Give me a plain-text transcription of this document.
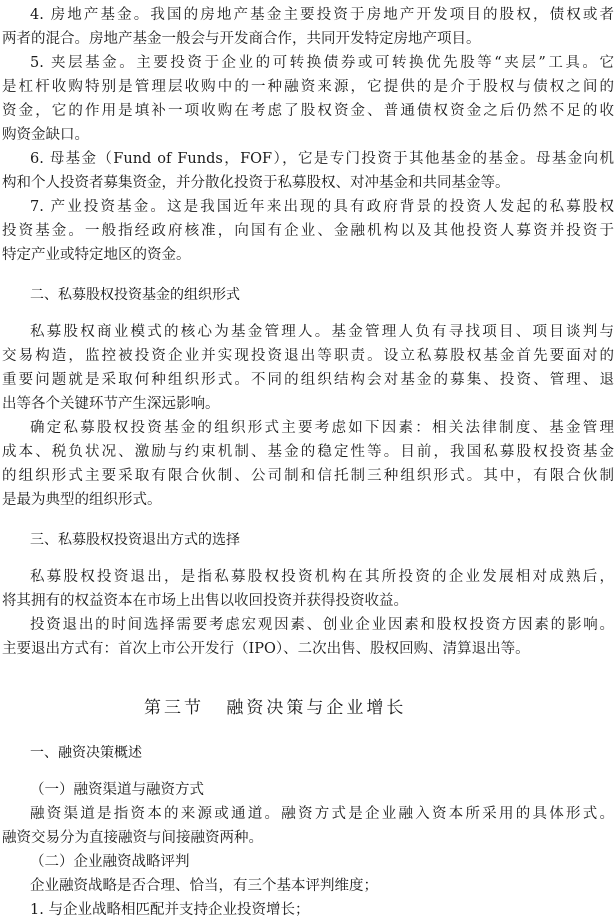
4. 房地产基金。我国的房地产基金主要投资于房地产开发项目的股权，债权或者
两者的混合。房地产基金一般会与开发商合作，共同开发特定房地产项目。
5. 夹层基金。主要投资于企业的可转换债券或可转换优先股等“夹层”工具。它
是杠杆收购特别是管理层收购中的一种融资来源，它提供的是介于股权与债权之间的
资金，它的作用是填补一项收购在考虑了股权资金、普通债权资金之后仍然不足的收
购资金缺口。
6. 母基金（Fund of Funds，FOF），它是专门投资于其他基金的基金。母基金向机
构和个人投资者募集资金，并分散化投资于私募股权、对冲基金和共同基金等。
7. 产业投资基金。这是我国近年来出现的具有政府背景的投资人发起的私募股权
投资基金。一般指经政府核准，向国有企业、金融机构以及其他投资人募资并投资于
特定产业或特定地区的资金。
二、私募股权投资基金的组织形式
私募股权商业模式的核心为基金管理人。基金管理人负有寻找项目、项目谈判与
交易构造，监控被投资企业并实现投资退出等职责。设立私募股权基金首先要面对的
重要问题就是采取何种组织形式。不同的组织结构会对基金的募集、投资、管理、退
出等各个关键环节产生深远影响。
确定私募股权投资基金的组织形式主要考虑如下因素：相关法律制度、基金管理
成本、税负状况、激励与约束机制、基金的稳定性等。目前，我国私募股权投资基金
的组织形式主要采取有限合伙制、公司制和信托制三种组织形式。其中，有限合伙制
是最为典型的组织形式。
三、私募股权投资退出方式的选择
私募股权投资退出，是指私募股权投资机构在其所投资的企业发展相对成熟后，
将其拥有的权益资本在市场上出售以收回投资并获得投资收益。
投资退出的时间选择需要考虑宏观因素、创业企业因素和股权投资方因素的影响。
主要退出方式有：首次上市公开发行（IPO）、二次出售、股权回购、清算退出等。
第三节 融资决策与企业增长
一、融资决策概述
（一）融资渠道与融资方式
融资渠道是指资本的来源或通道。融资方式是企业融入资本所采用的具体形式。
融资交易分为直接融资与间接融资两种。
（二）企业融资战略评判
企业融资战略是否合理、恰当，有三个基本评判维度；
1. 与企业战略相匹配并支持企业投资增长；
